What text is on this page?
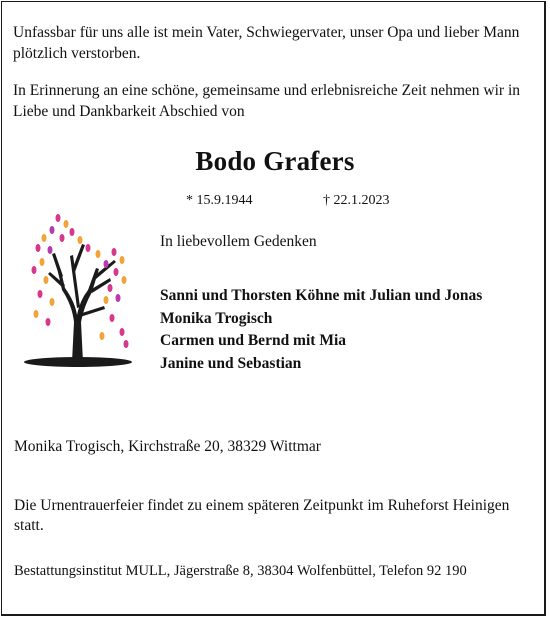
Unfassbar für uns alle ist mein Vater, Schwiegervater, unser Opa und lieber Mann plötzlich verstorben.

In Erinnerung an eine schöne, gemeinsame und erlebnisreiche Zeit nehmen wir in Liebe und Dankbarkeit Abschied von

Bodo Grafers
* 15.9.1944	† 22.1.2023

In liebevollem Gedenken

Sanni und Thorsten Köhne mit Julian und Jonas
Monika Trogisch
Carmen und Bernd mit Mia
Janine und Sebastian

Monika Trogisch, Kirchstraße 20, 38329 Wittmar

Die Urnentrauerfeier findet zu einem späteren Zeitpunkt im Ruheforst Heinigen statt.

Bestattungsinstitut MULL, Jägerstraße 8, 38304 Wolfenbüttel, Telefon 92 190
